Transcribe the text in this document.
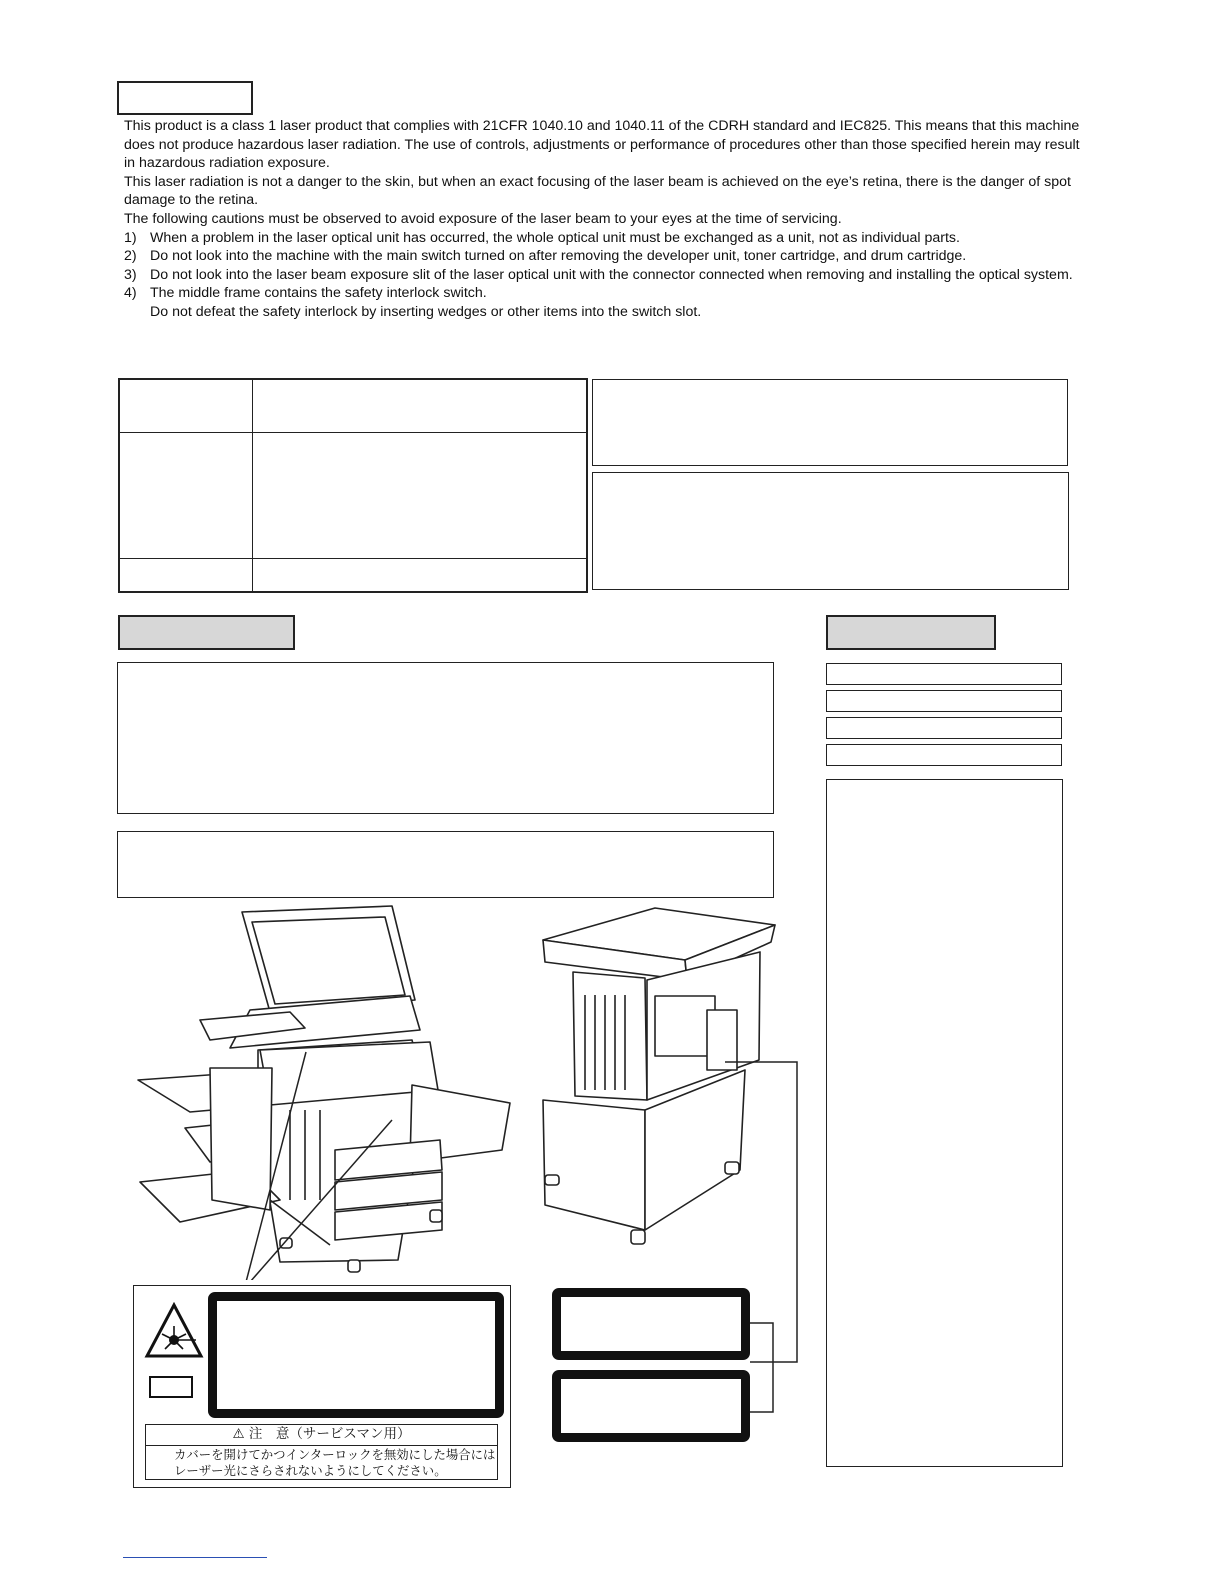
This product is a class 1 laser product that complies with 21CFR 1040.10 and 1040.11 of the CDRH standard and IEC825. This means that this machine does not produce hazardous laser radiation. The use of controls, adjustments or performance of procedures other than those specified herein may result in hazardous radiation exposure.

This laser radiation is not a danger to the skin, but when an exact focusing of the laser beam is achieved on the eye’s retina, there is the danger of spot damage to the retina.

The following cautions must be observed to avoid exposure of the laser beam to your eyes at the time of servicing.

1) When a problem in the laser optical unit has occurred, the whole optical unit must be exchanged as a unit, not as individual parts.
2) Do not look into the machine with the main switch turned on after removing the developer unit, toner cartridge, and drum cartridge.
3) Do not look into the laser beam exposure slit of the laser optical unit with the connector connected when removing and installing the optical system.
4) The middle frame contains the safety interlock switch.
Do not defeat the safety interlock by inserting wedges or other items into the switch slot.
⚠ 注　意（サービスマン用）
カバーを開けてかつインターロックを無効にした場合には
レーザー光にさらされないようにしてください。
